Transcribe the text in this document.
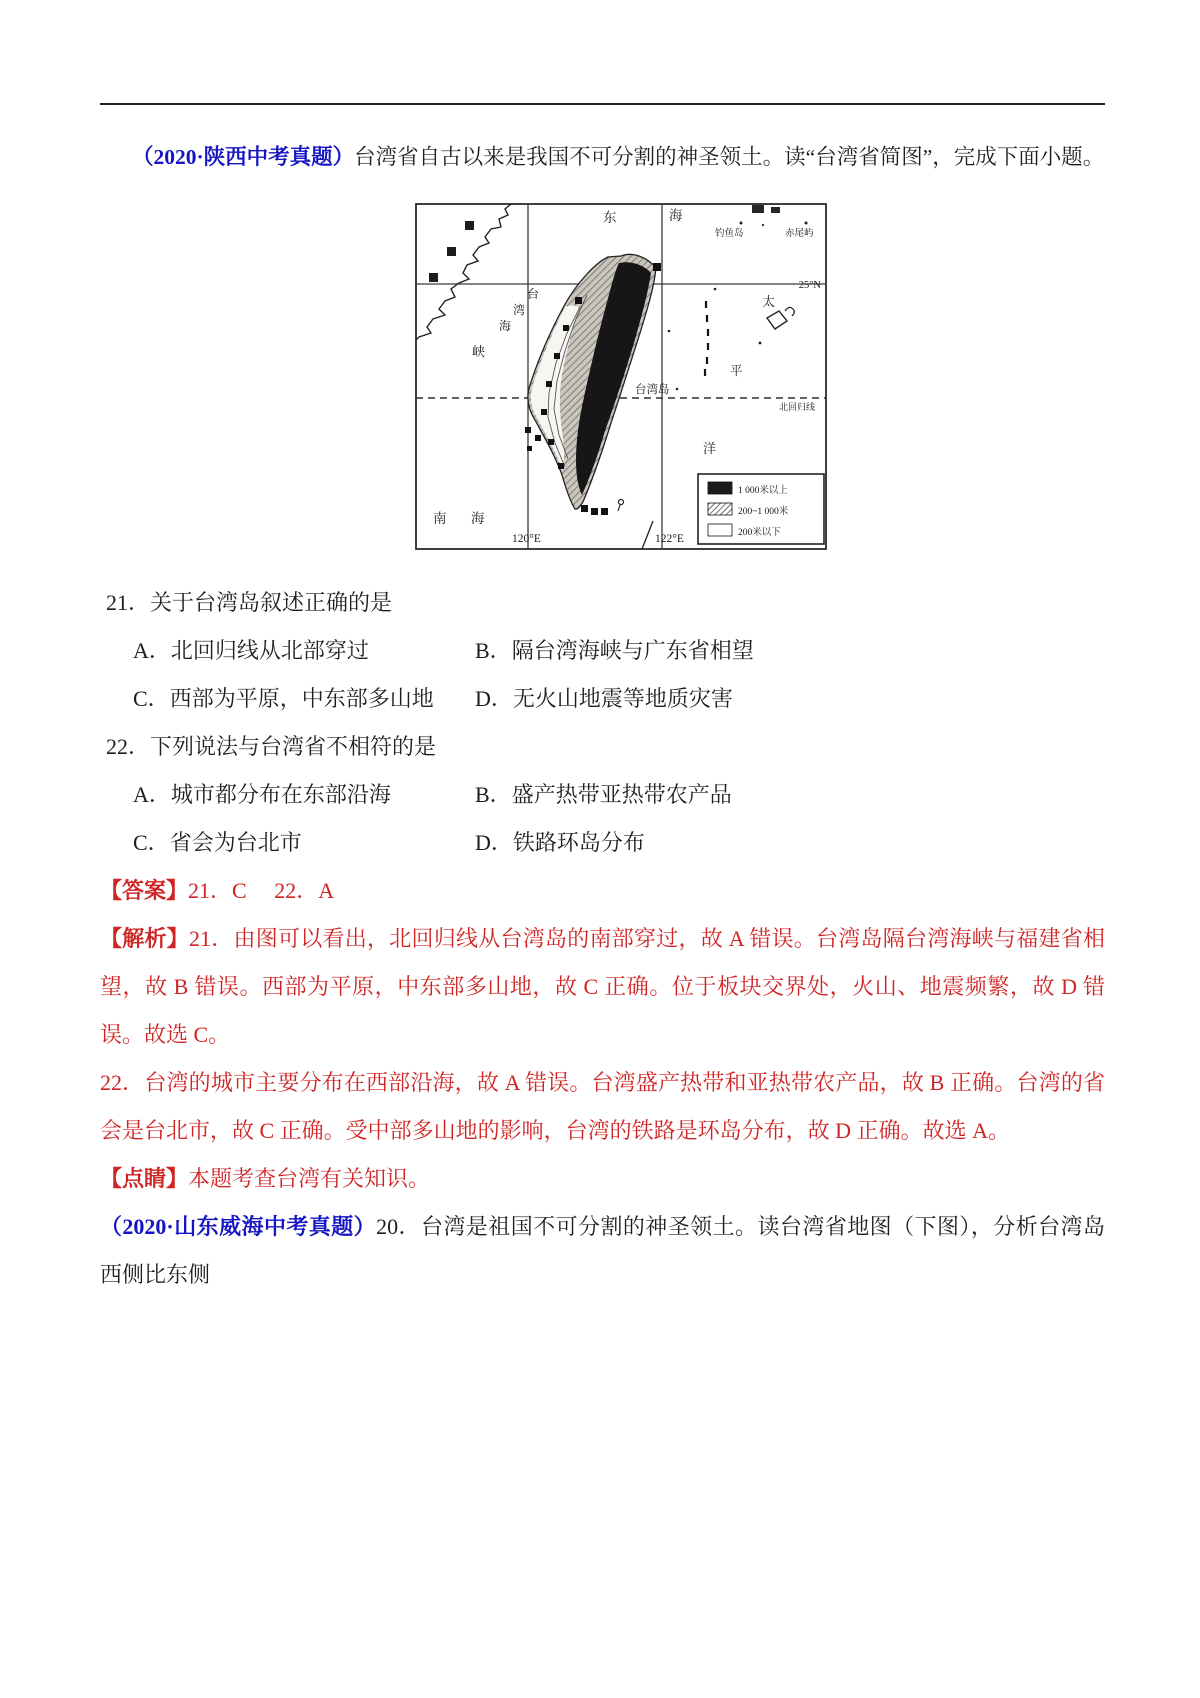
（2020·陕西中考真题）台湾省自古以来是我国不可分割的神圣领土。读“台湾省简图”，完成下面小题。

东	海
钓鱼岛	赤尾屿
25°N
台
湾
海
峡
台湾岛
太
平
洋
北回归线
南 海
120°E	122°E
1 000米以上
200~1 000米
200米以下

21．关于台湾岛叙述正确的是

A．北回归线从北部穿过	B．隔台湾海峡与广东省相望

C．西部为平原，中东部多山地	D．无火山地震等地质灾害

22．下列说法与台湾省不相符的是

A．城市都分布在东部沿海	B．盛产热带亚热带农产品

C．省会为台北市	D．铁路环岛分布

【答案】21．C　 22．A

【解析】21．由图可以看出，北回归线从台湾岛的南部穿过，故 A 错误。台湾岛隔台湾海峡与福建省相望，故 B 错误。西部为平原，中东部多山地，故 C 正确。位于板块交界处，火山、地震频繁，故 D 错误。故选 C。

22．台湾的城市主要分布在西部沿海，故 A 错误。台湾盛产热带和亚热带农产品，故 B 正确。台湾的省会是台北市，故 C 正确。受中部多山地的影响，台湾的铁路是环岛分布，故 D 正确。故选 A。

【点睛】本题考查台湾有关知识。

（2020·山东威海中考真题）20．台湾是祖国不可分割的神圣领土。读台湾省地图（下图），分析台湾岛西侧比东侧
